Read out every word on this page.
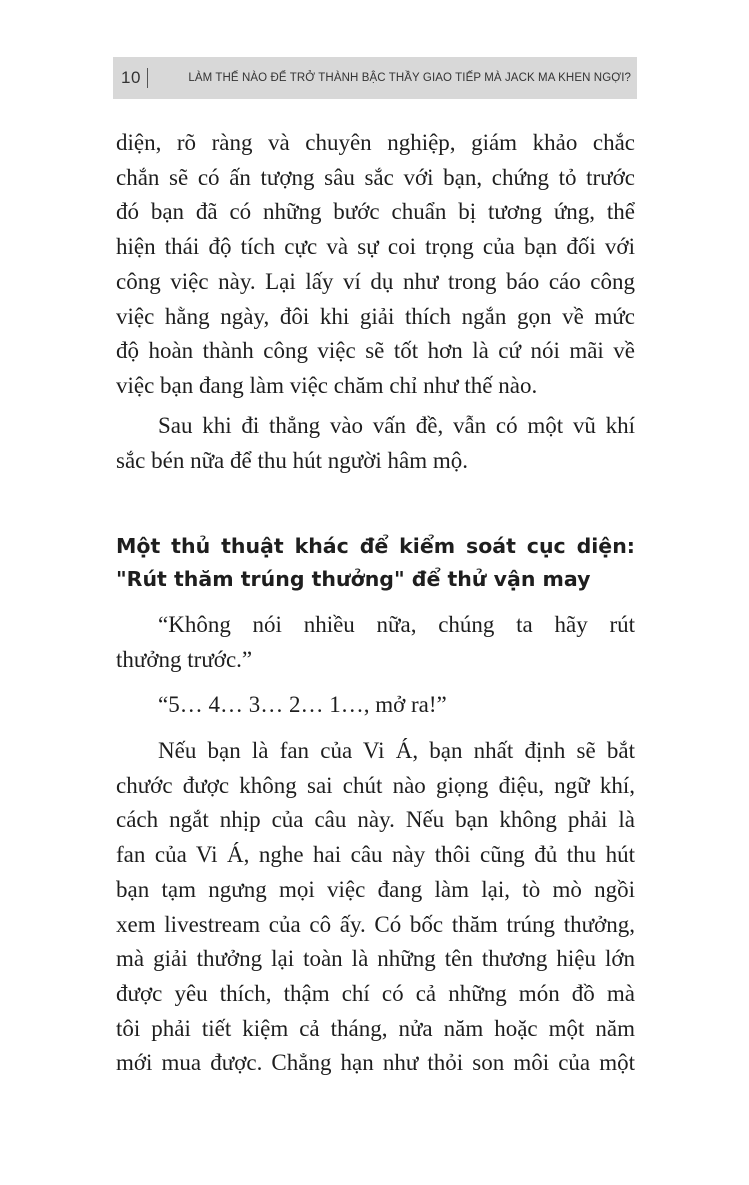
10	LÀM THẾ NÀO ĐỂ TRỞ THÀNH BẬC THẦY GIAO TIẾP MÀ JACK MA KHEN NGỢI?
diện, rõ ràng và chuyên nghiệp, giám khảo chắc
chắn sẽ có ấn tượng sâu sắc với bạn, chứng tỏ trước
đó bạn đã có những bước chuẩn bị tương ứng, thể
hiện thái độ tích cực và sự coi trọng của bạn đối với
công việc này. Lại lấy ví dụ như trong báo cáo công
việc hằng ngày, đôi khi giải thích ngắn gọn về mức
độ hoàn thành công việc sẽ tốt hơn là cứ nói mãi về
việc bạn đang làm việc chăm chỉ như thế nào.
Sau khi đi thẳng vào vấn đề, vẫn có một vũ khí
sắc bén nữa để thu hút người hâm mộ.
Một thủ thuật khác để kiểm soát cục diện:
"Rút thăm trúng thưởng" để thử vận may
“Không nói nhiều nữa, chúng ta hãy rút
thưởng trước.”
“5… 4… 3… 2… 1…, mở ra!”
Nếu bạn là fan của Vi Á, bạn nhất định sẽ bắt
chước được không sai chút nào giọng điệu, ngữ khí,
cách ngắt nhịp của câu này. Nếu bạn không phải là
fan của Vi Á, nghe hai câu này thôi cũng đủ thu hút
bạn tạm ngưng mọi việc đang làm lại, tò mò ngồi
xem livestream của cô ấy. Có bốc thăm trúng thưởng,
mà giải thưởng lại toàn là những tên thương hiệu lớn
được yêu thích, thậm chí có cả những món đồ mà
tôi phải tiết kiệm cả tháng, nửa năm hoặc một năm
mới mua được. Chẳng hạn như thỏi son môi của một
